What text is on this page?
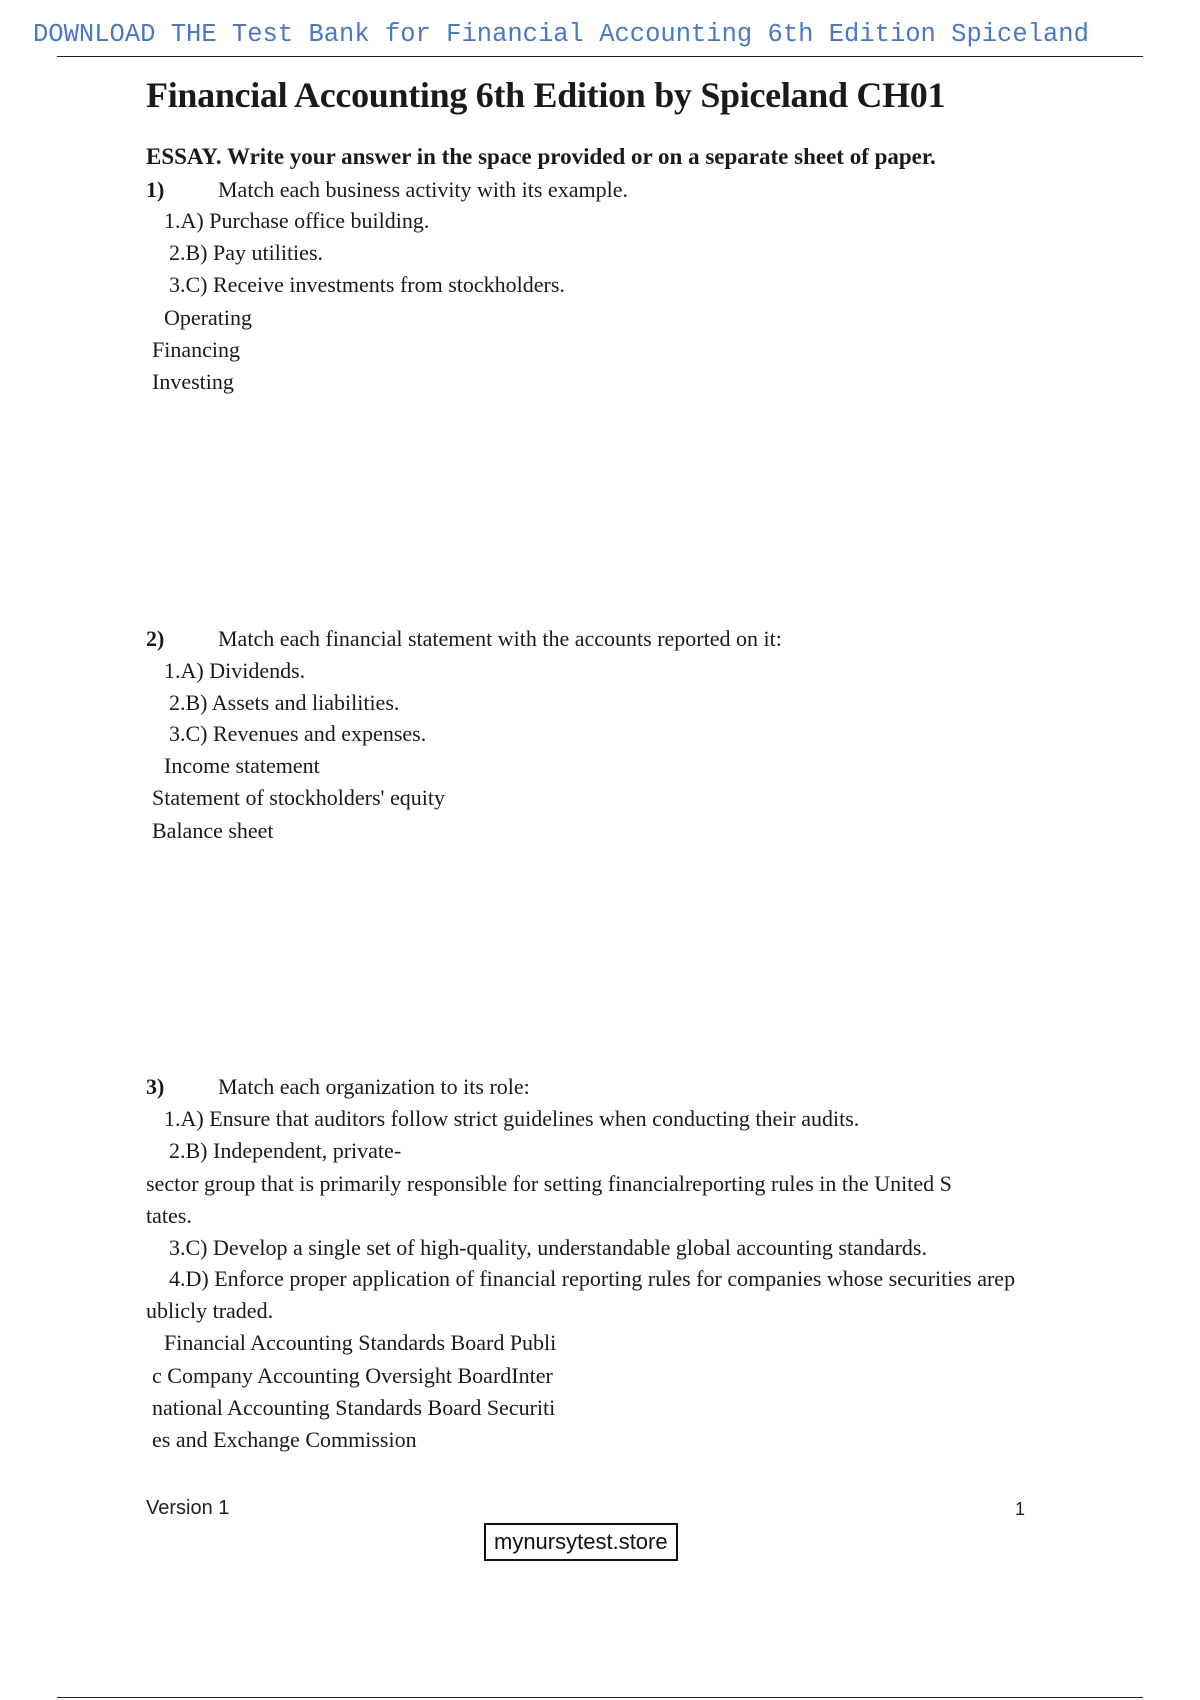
DOWNLOAD THE Test Bank for Financial Accounting 6th Edition Spiceland
Financial Accounting 6th Edition by Spiceland CH01

ESSAY. Write your answer in the space provided or on a separate sheet of paper.

1) Match each business activity with its example.
1.A) Purchase office building.
2.B) Pay utilities.
3.C) Receive investments from stockholders.
Operating
Financing
Investing
2) Match each financial statement with the accounts reported on it:
1.A) Dividends.
2.B) Assets and liabilities.
3.C) Revenues and expenses.
Income statement
Statement of stockholders' equity
Balance sheet
3) Match each organization to its role:
1.A) Ensure that auditors follow strict guidelines when conducting their audits.
2.B) Independent, private-
sector group that is primarily responsible for setting financialreporting rules in the United S
tates.
3.C) Develop a single set of high-quality, understandable global accounting standards.
4.D) Enforce proper application of financial reporting rules for companies whose securities arep
ublicly traded.
Financial Accounting Standards Board Publi
c Company Accounting Oversight BoardInter
national Accounting Standards Board Securiti
es and Exchange Commission
Version 1	1
mynursytest.store
